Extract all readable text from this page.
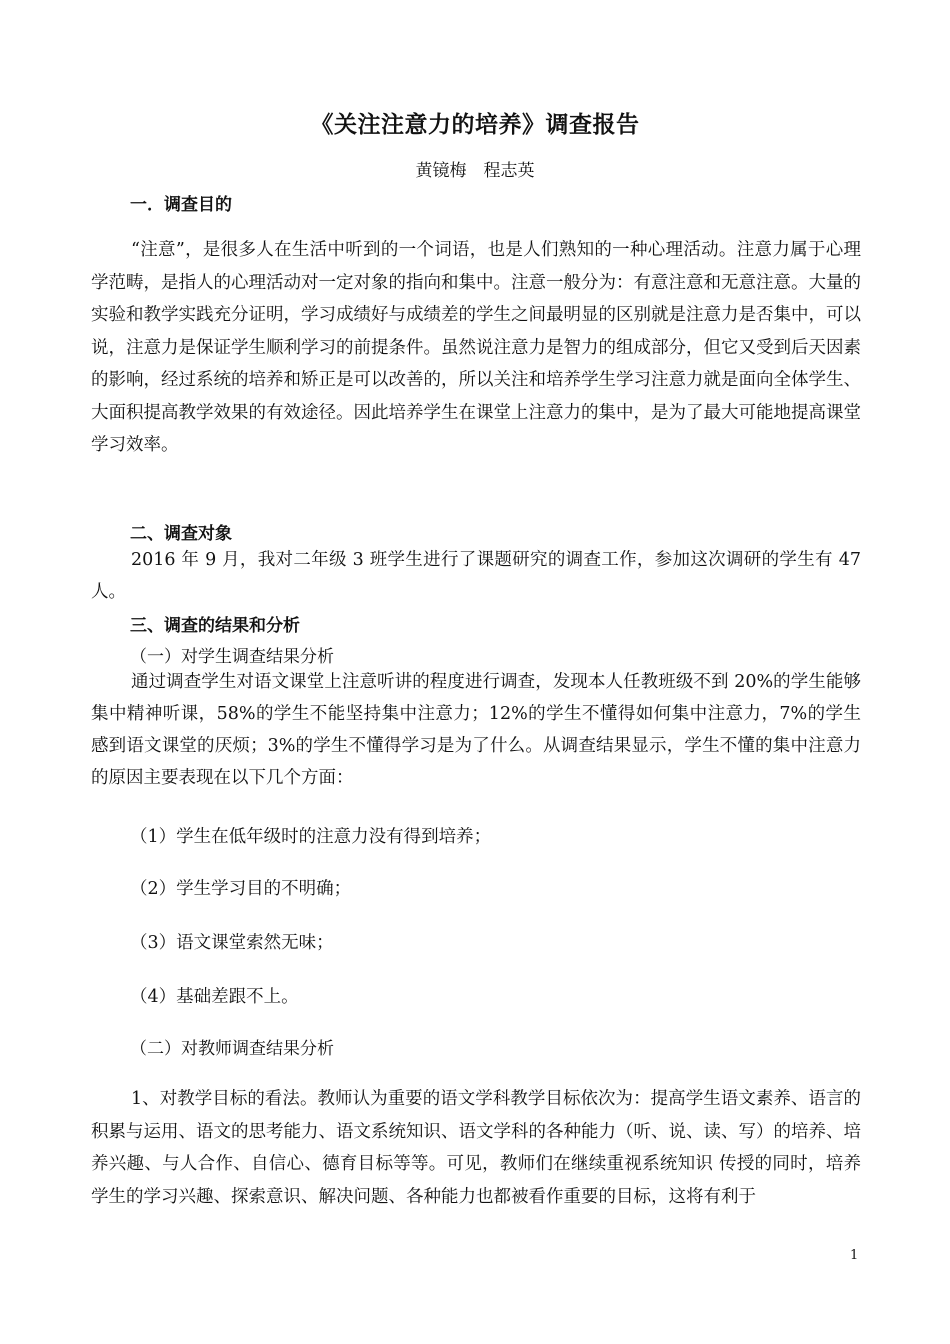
《关注注意力的培养》调查报告
黄镜梅　程志英
一．调查目的

“注意”，是很多人在生活中听到的一个词语，也是人们熟知的一种心理活动。注意力属于心理学范畴，是指人的心理活动对一定对象的指向和集中。注意一般分为：有意注意和无意注意。大量的实验和教学实践充分证明，学习成绩好与成绩差的学生之间最明显的区别就是注意力是否集中，可以说，注意力是保证学生顺利学习的前提条件。虽然说注意力是智力的组成部分，但它又受到后天因素的影响，经过系统的培养和矫正是可以改善的，所以关注和培养学生学习注意力就是面向全体学生、大面积提高教学效果的有效途径。因此培养学生在课堂上注意力的集中，是为了最大可能地提高课堂学习效率。

二、调查对象

2016 年 9 月，我对二年级 3 班学生进行了课题研究的调查工作，参加这次调研的学生有 47 人。

三、调查的结果和分析
（一）对学生调查结果分析

通过调查学生对语文课堂上注意听讲的程度进行调查，发现本人任教班级不到 20%的学生能够集中精神听课，58%的学生不能坚持集中注意力；12%的学生不懂得如何集中注意力，7%的学生感到语文课堂的厌烦；3%的学生不懂得学习是为了什么。从调查结果显示，学生不懂的集中注意力的原因主要表现在以下几个方面：

（1）学生在低年级时的注意力没有得到培养；
（2）学生学习目的不明确；
（3）语文课堂索然无味；
（4）基础差跟不上。
（二）对教师调查结果分析

1、对教学目标的看法。教师认为重要的语文学科教学目标依次为：提高学生语文素养、语言的积累与运用、语文的思考能力、语文系统知识、语文学科的各种能力（听、说、读、写）的培养、培养兴趣、与人合作、自信心、德育目标等等。可见，教师们在继续重视系统知识 传授的同时，培养学生的学习兴趣、探索意识、解决问题、各种能力也都被看作重要的目标，这将有利于

1
